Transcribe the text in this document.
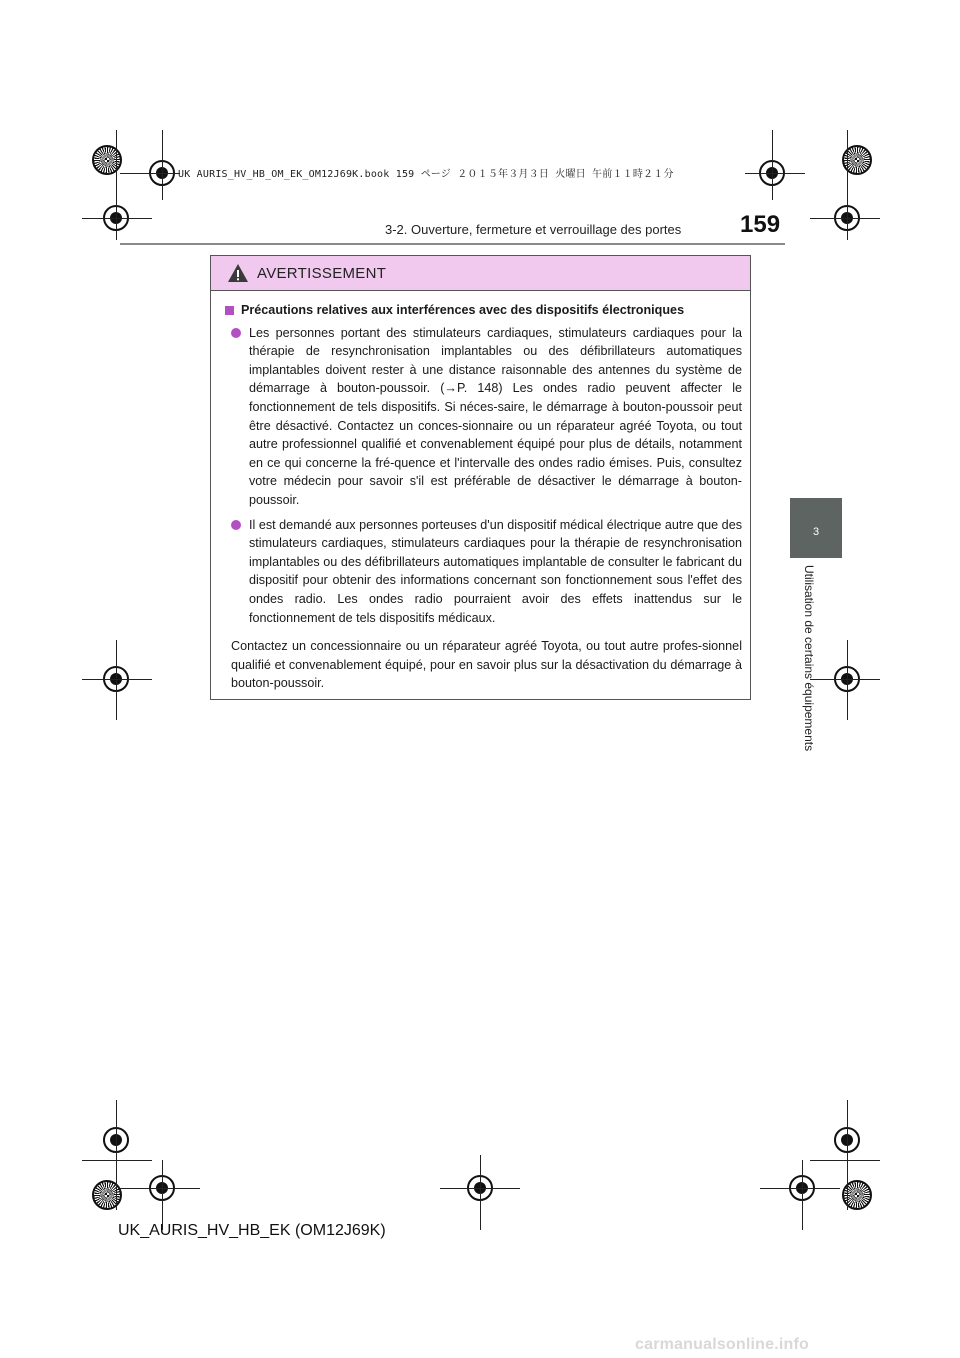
UK AURIS_HV_HB_OM_EK_OM12J69K.book 159 ページ ２０１５年３月３日 火曜日 午前１１時２１分
3-2. Ouverture, fermeture et verrouillage des portes 159
3
Utilisation de certains équipements
AVERTISSEMENT
Précautions relatives aux interférences avec des dispositifs électroniques
Les personnes portant des stimulateurs cardiaques, stimulateurs cardiaques pour la thérapie de resynchronisation implantables ou des défibrillateurs automatiques implantables doivent rester à une distance raisonnable des antennes du système de démarrage à bouton-poussoir. (→P. 148) Les ondes radio peuvent affecter le fonctionnement de tels dispositifs. Si néces-saire, le démarrage à bouton-poussoir peut être désactivé. Contactez un conces-sionnaire ou un réparateur agréé Toyota, ou tout autre professionnel qualifié et convenablement équipé pour plus de détails, notamment en ce qui concerne la fré-quence et l'intervalle des ondes radio émises. Puis, consultez votre médecin pour savoir s'il est préférable de désactiver le démarrage à bouton-poussoir.
Il est demandé aux personnes porteuses d'un dispositif médical électrique autre que des stimulateurs cardiaques, stimulateurs cardiaques pour la thérapie de resynchronisation implantables ou des défibrillateurs automatiques implantable de consulter le fabricant du dispositif pour obtenir des informations concernant son fonctionnement sous l'effet des ondes radio. Les ondes radio pourraient avoir des effets inattendus sur le fonctionnement de tels dispositifs médicaux.
Contactez un concessionnaire ou un réparateur agréé Toyota, ou tout autre profes-sionnel qualifié et convenablement équipé, pour en savoir plus sur la désactivation du démarrage à bouton-poussoir.
UK_AURIS_HV_HB_EK (OM12J69K)
carmanualsonline.info
